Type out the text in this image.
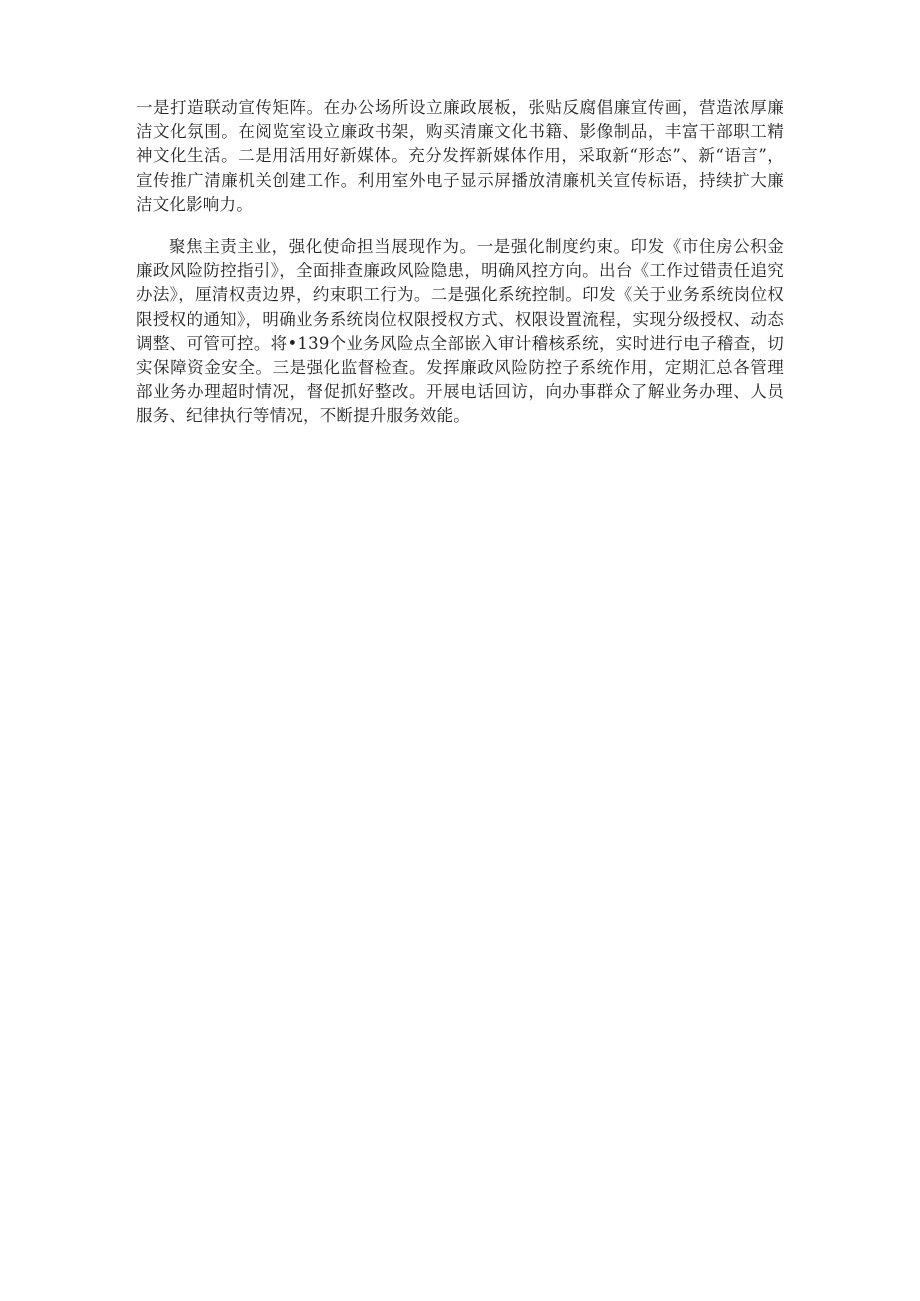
一是打造联动宣传矩阵。在办公场所设立廉政展板，张贴反腐倡廉宣传画，营造浓厚廉洁文化氛围。在阅览室设立廉政书架，购买清廉文化书籍、影像制品，丰富干部职工精神文化生活。二是用活用好新媒体。充分发挥新媒体作用，采取新“形态”、新“语言”，宣传推广清廉机关创建工作。利用室外电子显示屏播放清廉机关宣传标语，持续扩大廉洁文化影响力。

聚焦主责主业，强化使命担当展现作为。一是强化制度约束。印发《市住房公积金廉政风险防控指引》，全面排查廉政风险隐患，明确风控方向。出台《工作过错责任追究办法》，厘清权责边界，约束职工行为。二是强化系统控制。印发《关于业务系统岗位权限授权的通知》，明确业务系统岗位权限授权方式、权限设置流程，实现分级授权、动态调整、可管可控。将•139个业务风险点全部嵌入审计稽核系统，实时进行电子稽查，切实保障资金安全。三是强化监督检查。发挥廉政风险防控子系统作用，定期汇总各管理部业务办理超时情况，督促抓好整改。开展电话回访，向办事群众了解业务办理、人员服务、纪律执行等情况，不断提升服务效能。
